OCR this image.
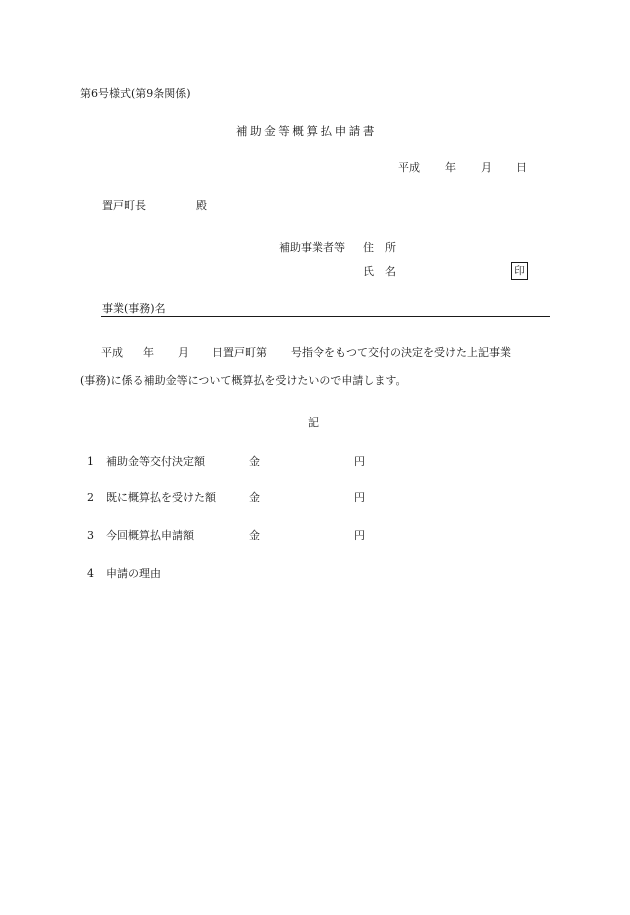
第6号様式(第9条関係)
補助金等概算払申請書
平成 年 月 日
置戸町長	殿
補助事業者等 住　所
氏　名	印
事業(事務)名
平成 年 月 日置戸町第 号指令をもつて交付の決定を受けた上記事業
(事務)に係る補助金等について概算払を受けたいので申請します。
記
1 補助金等交付決定額	金	円
2 既に概算払を受けた額	金	円
3 今回概算払申請額	金	円
4 申請の理由
